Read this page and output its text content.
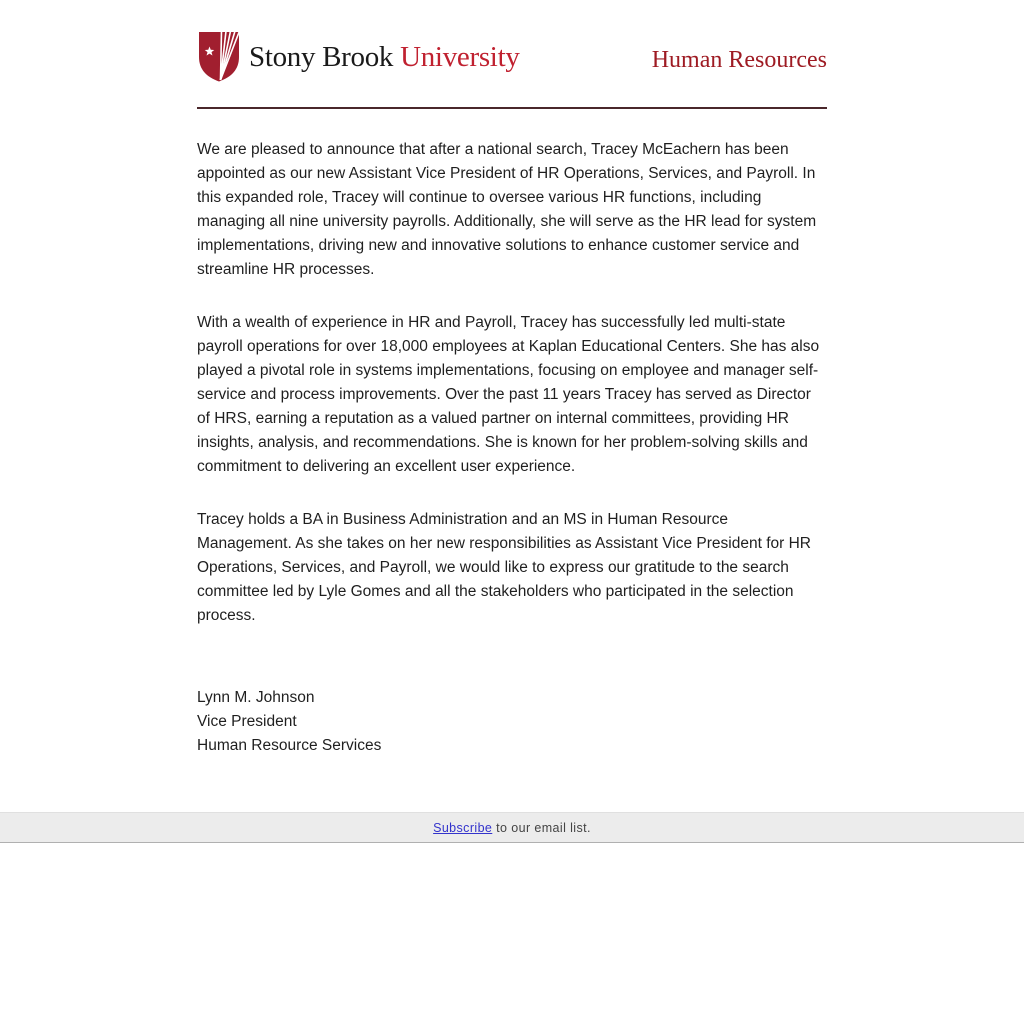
Stony Brook University	Human Resources

We are pleased to announce that after a national search, Tracey McEachern has been appointed as our new Assistant Vice President of HR Operations, Services, and Payroll. In this expanded role, Tracey will continue to oversee various HR functions, including managing all nine university payrolls. Additionally, she will serve as the HR lead for system implementations, driving new and innovative solutions to enhance customer service and streamline HR processes.

With a wealth of experience in HR and Payroll, Tracey has successfully led multi-state payroll operations for over 18,000 employees at Kaplan Educational Centers. She has also played a pivotal role in systems implementations, focusing on employee and manager self-service and process improvements. Over the past 11 years Tracey has served as Director of HRS, earning a reputation as a valued partner on internal committees, providing HR insights, analysis, and recommendations. She is known for her problem-solving skills and commitment to delivering an excellent user experience.

Tracey holds a BA in Business Administration and an MS in Human Resource Management. As she takes on her new responsibilities as Assistant Vice President for HR Operations, Services, and Payroll, we would like to express our gratitude to the search committee led by Lyle Gomes and all the stakeholders who participated in the selection process.

Lynn M. Johnson
Vice President
Human Resource Services
Subscribe to our email list.
